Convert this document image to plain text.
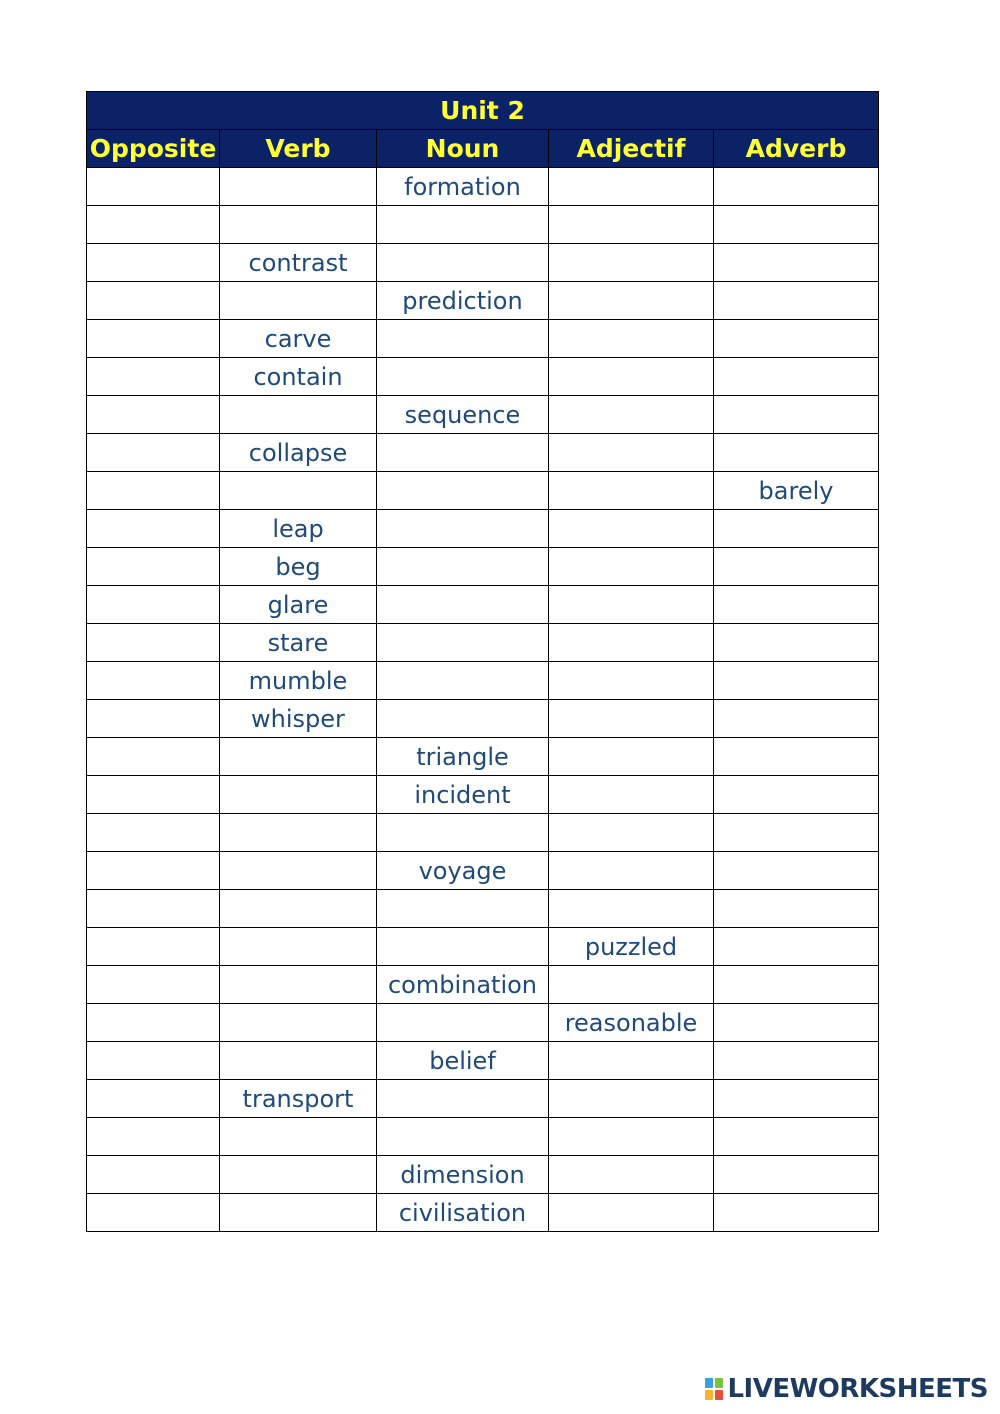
Unit 2				
Opposite	Verb	Noun	Adjectif	Adverb
		formation		

	contrast			
		prediction		
	carve			
	contain			
		sequence		
	collapse			
				barely
	leap			
	beg			
	glare			
	stare			
	mumble			
	whisper			
		triangle		
		incident		

		voyage		

			puzzled	
		combination		
			reasonable	
		belief		
	transport			

		dimension		
		civilisation		
LIVEWORKSHEETS
